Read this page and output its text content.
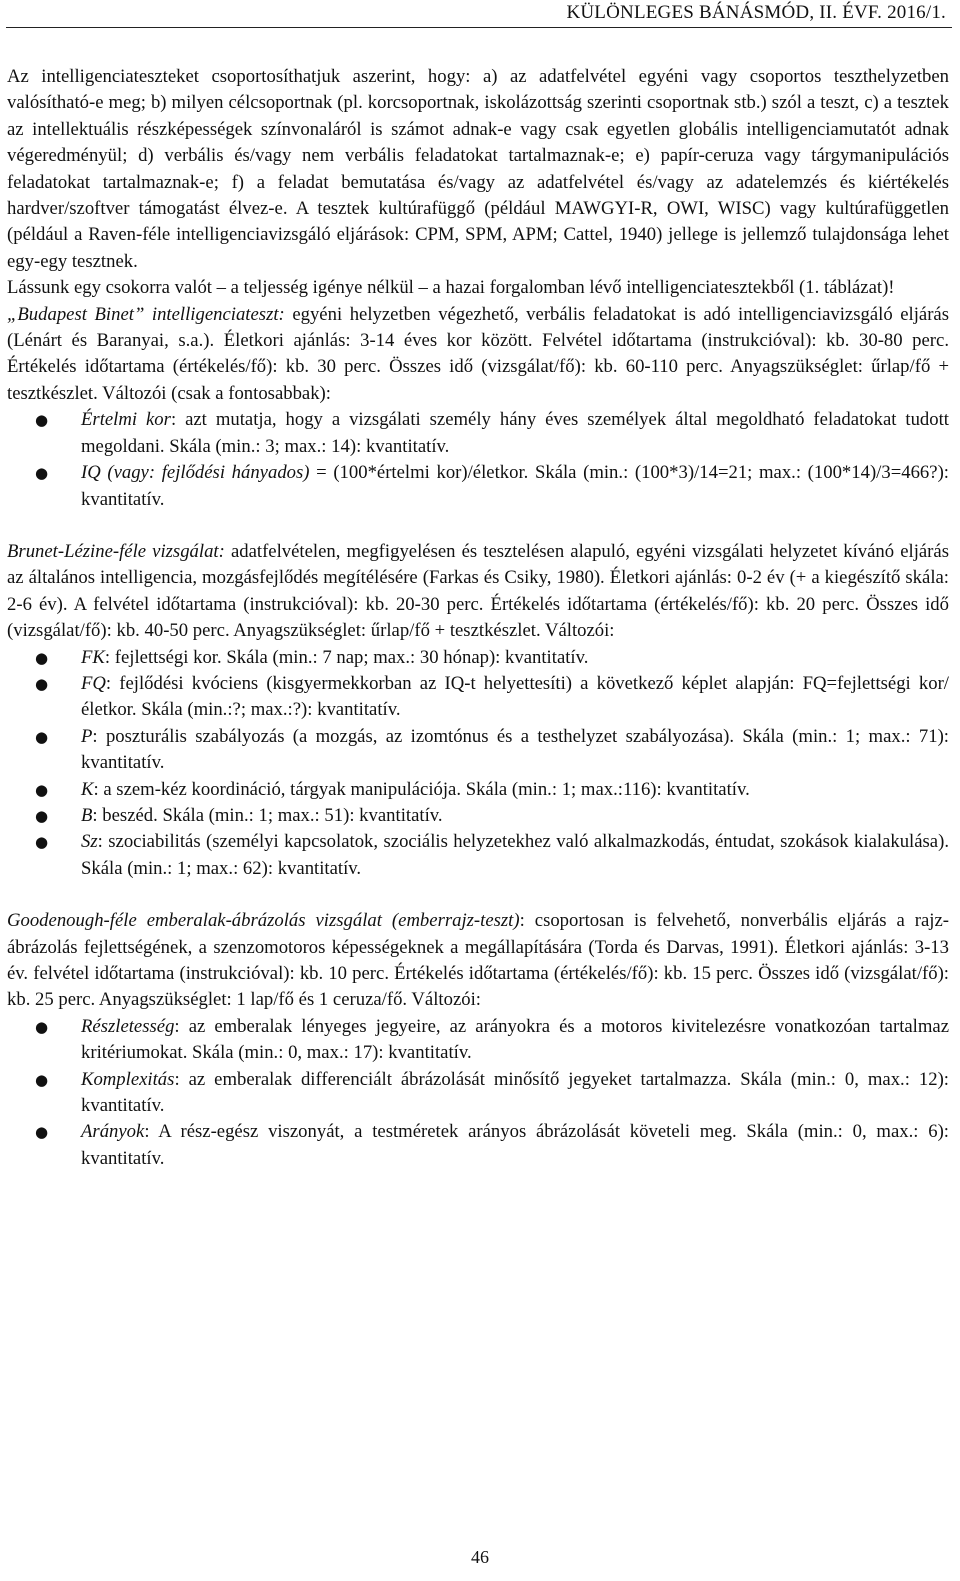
KÜLÖNLEGES BÁNÁSMÓD, II. ÉVF. 2016/1.

Az intelligenciateszteket csoportosíthatjuk aszerint, hogy: a) az adatfelvétel egyéni vagy csoportos teszthelyzetben valósítható-e meg; b) milyen célcsoportnak (pl. korcsoportnak, iskolázottság szerinti csoportnak stb.) szól a teszt, c) a tesztek az intellektuális részképességek színvonaláról is számot adnak-e vagy csak egyetlen globális intelligenciamutatót adnak végeredményül; d) verbális és/vagy nem verbális feladatokat tartalmaznak-e; e) papír-ceruza vagy tárgymanipulációs feladatokat tartalmaznak-e; f) a feladat bemutatása és/vagy az adatfelvétel és/vagy az adatelemzés és kiértékelés hardver/szoftver támogatást élvez-e. A tesztek kultúrafüggő (például MAWGYI-R, OWI, WISC) vagy kultúrafüggetlen (például a Raven-féle intelligenciavizsgáló eljárások: CPM, SPM, APM; Cattel, 1940) jellege is jellemző tulajdonsága lehet egy-egy tesztnek.

Lássunk egy csokorra valót – a teljesség igénye nélkül – a hazai forgalomban lévő intelligenciatesztekből (1. táblázat)!

„Budapest Binet” intelligenciateszt: egyéni helyzetben végezhető, verbális feladatokat is adó intelligenciavizsgáló eljárás (Lénárt és Baranyai, s.a.). Életkori ajánlás: 3-14 éves kor között. Felvétel időtartama (instrukcióval): kb. 30-80 perc. Értékelés időtartama (értékelés/fő): kb. 30 perc. Összes idő (vizsgálat/fő): kb. 60-110 perc. Anyagszükséglet: űrlap/fő + tesztkészlet. Változói (csak a fontosabbak):

● Értelmi kor: azt mutatja, hogy a vizsgálati személy hány éves személyek által megoldható feladatokat tudott megoldani. Skála (min.: 3; max.: 14): kvantitatív.
● IQ (vagy: fejlődési hányados) = (100*értelmi kor)/életkor. Skála (min.: (100*3)/14=21; max.: (100*14)/3=466?): kvantitatív.

Brunet-Lézine-féle vizsgálat: adatfelvételen, megfigyelésen és tesztelésen alapuló, egyéni vizsgálati helyzetet kívánó eljárás az általános intelligencia, mozgásfejlődés megítélésére (Farkas és Csiky, 1980). Életkori ajánlás: 0-2 év (+ a kiegészítő skála: 2-6 év). A felvétel időtartama (instrukcióval): kb. 20-30 perc. Értékelés időtartama (értékelés/fő): kb. 20 perc. Összes idő (vizsgálat/fő): kb. 40-50 perc. Anyagszükséglet: űrlap/fő + tesztkészlet. Változói:

● FK: fejlettségi kor. Skála (min.: 7 nap; max.: 30 hónap): kvantitatív.
● FQ: fejlődési kvóciens (kisgyermekkorban az IQ-t helyettesíti) a következő képlet alapján: FQ=fejlettségi kor/életkor. Skála (min.:?; max.:?): kvantitatív.
● P: poszturális szabályozás (a mozgás, az izomtónus és a testhelyzet szabályozása). Skála (min.: 1; max.: 71): kvantitatív.
● K: a szem-kéz koordináció, tárgyak manipulációja. Skála (min.: 1; max.:116): kvantitatív.
● B: beszéd. Skála (min.: 1; max.: 51): kvantitatív.
● Sz: szociabilitás (személyi kapcsolatok, szociális helyzetekhez való alkalmazkodás, éntudat, szokások kialakulása). Skála (min.: 1; max.: 62): kvantitatív.

Goodenough-féle emberalak-ábrázolás vizsgálat (emberrajz-teszt): csoportosan is felvehető, nonverbális eljárás a rajz-ábrázolás fejlettségének, a szenzomotoros képességeknek a megállapítására (Torda és Darvas, 1991). Életkori ajánlás: 3-13 év. felvétel időtartama (instrukcióval): kb. 10 perc. Értékelés időtartama (értékelés/fő): kb. 15 perc. Összes idő (vizsgálat/fő): kb. 25 perc. Anyagszükséglet: 1 lap/fő és 1 ceruza/fő. Változói:

● Részletesség: az emberalak lényeges jegyeire, az arányokra és a motoros kivitelezésre vonatkozóan tartalmaz kritériumokat. Skála (min.: 0, max.: 17): kvantitatív.
● Komplexitás: az emberalak differenciált ábrázolását minősítő jegyeket tartalmazza. Skála (min.: 0, max.: 12): kvantitatív.
● Arányok: A rész-egész viszonyát, a testméretek arányos ábrázolását követeli meg. Skála (min.: 0, max.: 6): kvantitatív.
46
